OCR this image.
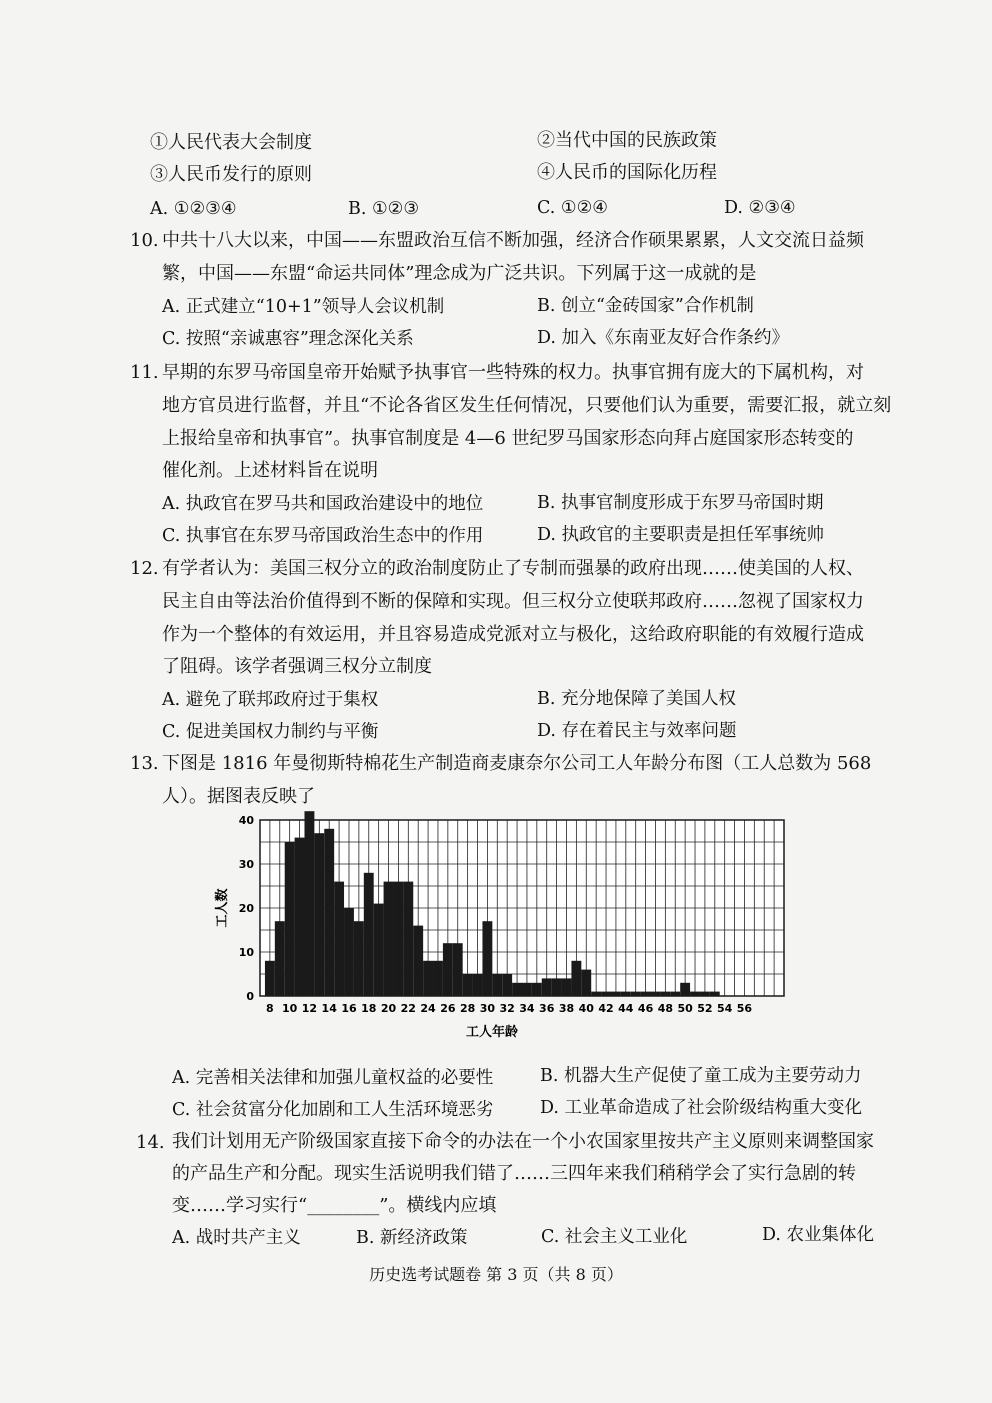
①人民代表大会制度	②当代中国的民族政策
③人民币发行的原则	④人民币的国际化历程
A. ①②③④	B. ①②③	C. ①②④	D. ②③④
10. 中共十八大以来，中国——东盟政治互信不断加强，经济合作硕果累累，人文交流日益频
繁，中国——东盟“命运共同体”理念成为广泛共识。下列属于这一成就的是
A. 正式建立“10+1”领导人会议机制	B. 创立“金砖国家”合作机制
C. 按照“亲诚惠容”理念深化关系	D. 加入《东南亚友好合作条约》
11. 早期的东罗马帝国皇帝开始赋予执事官一些特殊的权力。执事官拥有庞大的下属机构，对
地方官员进行监督，并且“不论各省区发生任何情况，只要他们认为重要，需要汇报，就立刻
上报给皇帝和执事官”。执事官制度是 4—6 世纪罗马国家形态向拜占庭国家形态转变的
催化剂。上述材料旨在说明
A. 执政官在罗马共和国政治建设中的地位	B. 执事官制度形成于东罗马帝国时期
C. 执事官在东罗马帝国政治生态中的作用	D. 执政官的主要职责是担任军事统帅
12. 有学者认为：美国三权分立的政治制度防止了专制而强暴的政府出现……使美国的人权、
民主自由等法治价值得到不断的保障和实现。但三权分立使联邦政府……忽视了国家权力
作为一个整体的有效运用，并且容易造成党派对立与极化，这给政府职能的有效履行造成
了阻碍。该学者强调三权分立制度
A. 避免了联邦政府过于集权	B. 充分地保障了美国人权
C. 促进美国权力制约与平衡	D. 存在着民主与效率问题
13. 下图是 1816 年曼彻斯特棉花生产制造商麦康奈尔公司工人年龄分布图（工人总数为 568
人）。据图表反映了
0
10
20
30
40
8 10 12 14 16 18 20 22 24 26 28 30 32 34 36 38 40 42 44 46 48 50 52 54 56
工人年龄
工人数
A. 完善相关法律和加强儿童权益的必要性	B. 机器大生产促使了童工成为主要劳动力
C. 社会贫富分化加剧和工人生活环境恶劣	D. 工业革命造成了社会阶级结构重大变化
14. 我们计划用无产阶级国家直接下命令的办法在一个小农国家里按共产主义原则来调整国家
的产品生产和分配。现实生活说明我们错了……三四年来我们稍稍学会了实行急剧的转
变……学习实行“________”。横线内应填
A. 战时共产主义	B. 新经济政策	C. 社会主义工业化	D. 农业集体化
历史选考试题卷 第 3 页（共 8 页）
